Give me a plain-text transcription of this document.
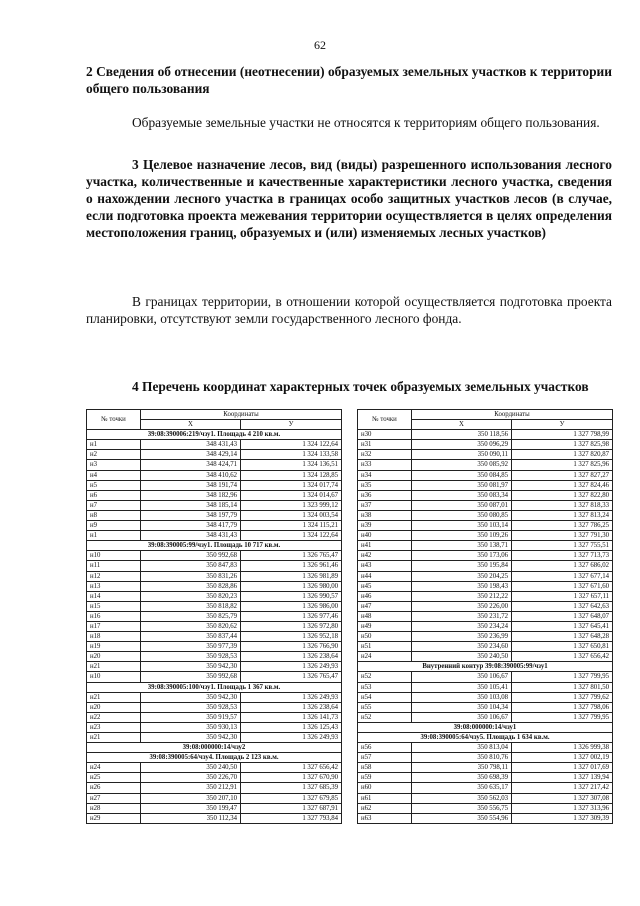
62
2 Сведения об отнесении (неотнесении) образуемых земельных участков к территории общего пользования
Образуемые земельные участки не относятся к территориям общего пользования.
3 Целевое назначение лесов, вид (виды) разрешенного использования лесного участка, количественные и качественные характеристики лесного участка, сведения о нахождении лесного участка в границах особо защитных участков лесов (в случае, если подготовка проекта межевания территории осуществляется в целях определения местоположения границ, образуемых и (или) изменяемых лесных участков)
В границах территории, в отношении которой осуществляется подготовка проекта планировки, отсутствуют земли государственного лесного фонда.
4 Перечень координат характерных точек образуемых земельных участков
№ точки	Координаты	
	Х	У
39:08:390006:219/чзу1. Площадь 4 210 кв.м.		
н1	348 431,43	1 324 122,64
н2	348 429,14	1 324 133,58
н3	348 424,71	1 324 136,51
н4	348 410,62	1 324 128,85
н5	348 191,74	1 324 017,74
н6	348 182,96	1 324 014,67
н7	348 185,14	1 323 999,12
н8	348 197,79	1 324 003,54
н9	348 417,79	1 324 115,21
н1	348 431,43	1 324 122,64
39:08:390005:99/чзу1. Площадь 10 717 кв.м.		
н10	350 992,68	1 326 765,47
н11	350 847,83	1 326 961,46
н12	350 831,26	1 326 981,89
н13	350 828,86	1 326 980,00
н14	350 820,23	1 326 990,57
н15	350 818,82	1 326 986,00
н16	350 825,79	1 326 977,46
н17	350 820,62	1 326 972,80
н18	350 837,44	1 326 952,18
н19	350 977,39	1 326 766,90
н20	350 928,53	1 326 238,64
н21	350 942,30	1 326 249,93
н10	350 992,68	1 326 765,47
39:08:390005:100/чзу1. Площадь 1 367 кв.м.		
н21	350 942,30	1 326 249,93
н20	350 928,53	1 326 238,64
н22	350 919,57	1 326 141,73
н23	350 930,13	1 326 125,43
н21	350 942,30	1 326 249,93
39:08:000000:14/чзу2		
39:08:390005:64/чзу4. Площадь 2 123 кв.м.		
н24	350 240,50	1 327 656,42
н25	350 226,70	1 327 670,90
н26	350 212,91	1 327 685,39
н27	350 207,10	1 327 679,85
н28	350 199,47	1 327 687,91
н29	350 112,34	1 327 793,84
№ точки	Координаты	
	Х	У
н30	350 118,56	1 327 798,99
н31	350 096,29	1 327 825,98
н32	350 090,11	1 327 820,87
н33	350 085,92	1 327 825,96
н34	350 084,85	1 327 827,27
н35	350 081,97	1 327 824,46
н36	350 083,34	1 327 822,80
н37	350 087,01	1 327 818,33
н38	350 080,85	1 327 813,24
н39	350 103,14	1 327 786,25
н40	350 109,26	1 327 791,30
н41	350 138,71	1 327 755,51
н42	350 173,06	1 327 713,73
н43	350 195,84	1 327 686,02
н44	350 204,25	1 327 677,14
н45	350 198,43	1 327 671,60
н46	350 212,22	1 327 657,11
н47	350 226,00	1 327 642,63
н48	350 231,72	1 327 648,07
н49	350 234,24	1 327 645,41
н50	350 236,99	1 327 648,28
н51	350 234,60	1 327 650,81
н24	350 240,50	1 327 656,42
Внутренний контур 39:08:390005:99/чзу1		
н52	350 106,67	1 327 799,95
н53	350 105,41	1 327 801,50
н54	350 103,08	1 327 799,62
н55	350 104,34	1 327 798,06
н52	350 106,67	1 327 799,95
39:08:000000:14/чзу1		
39:08:390005:64/чзу5. Площадь 1 634 кв.м.		
н56	350 813,04	1 326 999,38
н57	350 810,76	1 327 002,19
н58	350 798,11	1 327 017,69
н59	350 698,39	1 327 139,94
н60	350 635,17	1 327 217,42
н61	350 562,03	1 327 307,08
н62	350 556,75	1 327 313,96
н63	350 554,96	1 327 309,39
